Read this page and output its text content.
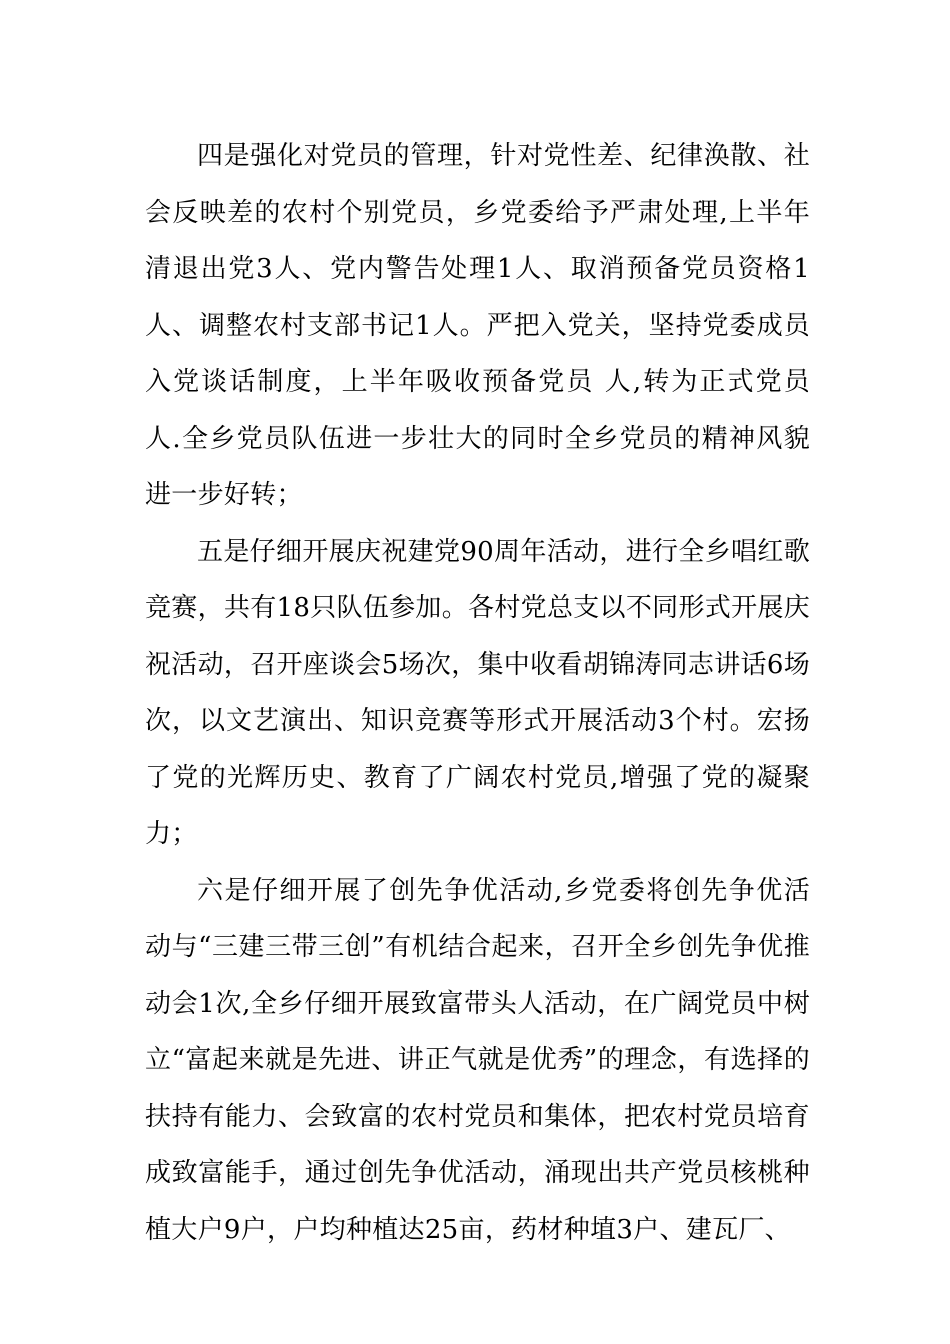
四是强化对党员的管理，针对党性差、纪律涣散、社会反映差的农村个别党员，乡党委给予严肃处理,上半年清退出党3人、党内警告处理1人、取消预备党员资格1人、调整农村支部书记1人。严把入党关，坚持党委成员入党谈话制度，上半年吸收预备党员 人,转为正式党员 人.全乡党员队伍进一步壮大的同时全乡党员的精神风貌进一步好转；

五是仔细开展庆祝建党90周年活动，进行全乡唱红歌竞赛，共有18只队伍参加。各村党总支以不同形式开展庆祝活动，召开座谈会5场次，集中收看胡锦涛同志讲话6场次，以文艺演出、知识竞赛等形式开展活动3个村。宏扬了党的光辉历史、教育了广阔农村党员,增强了党的凝聚力；

六是仔细开展了创先争优活动,乡党委将创先争优活动与“三建三带三创”有机结合起来，召开全乡创先争优推动会1次,全乡仔细开展致富带头人活动，在广阔党员中树立“富起来就是先进、讲正气就是优秀”的理念，有选择的扶持有能力、会致富的农村党员和集体，把农村党员培育成致富能手，通过创先争优活动，涌现出共产党员核桃种植大户9户，户均种植达25亩，药材种埴3户、建瓦厂、
